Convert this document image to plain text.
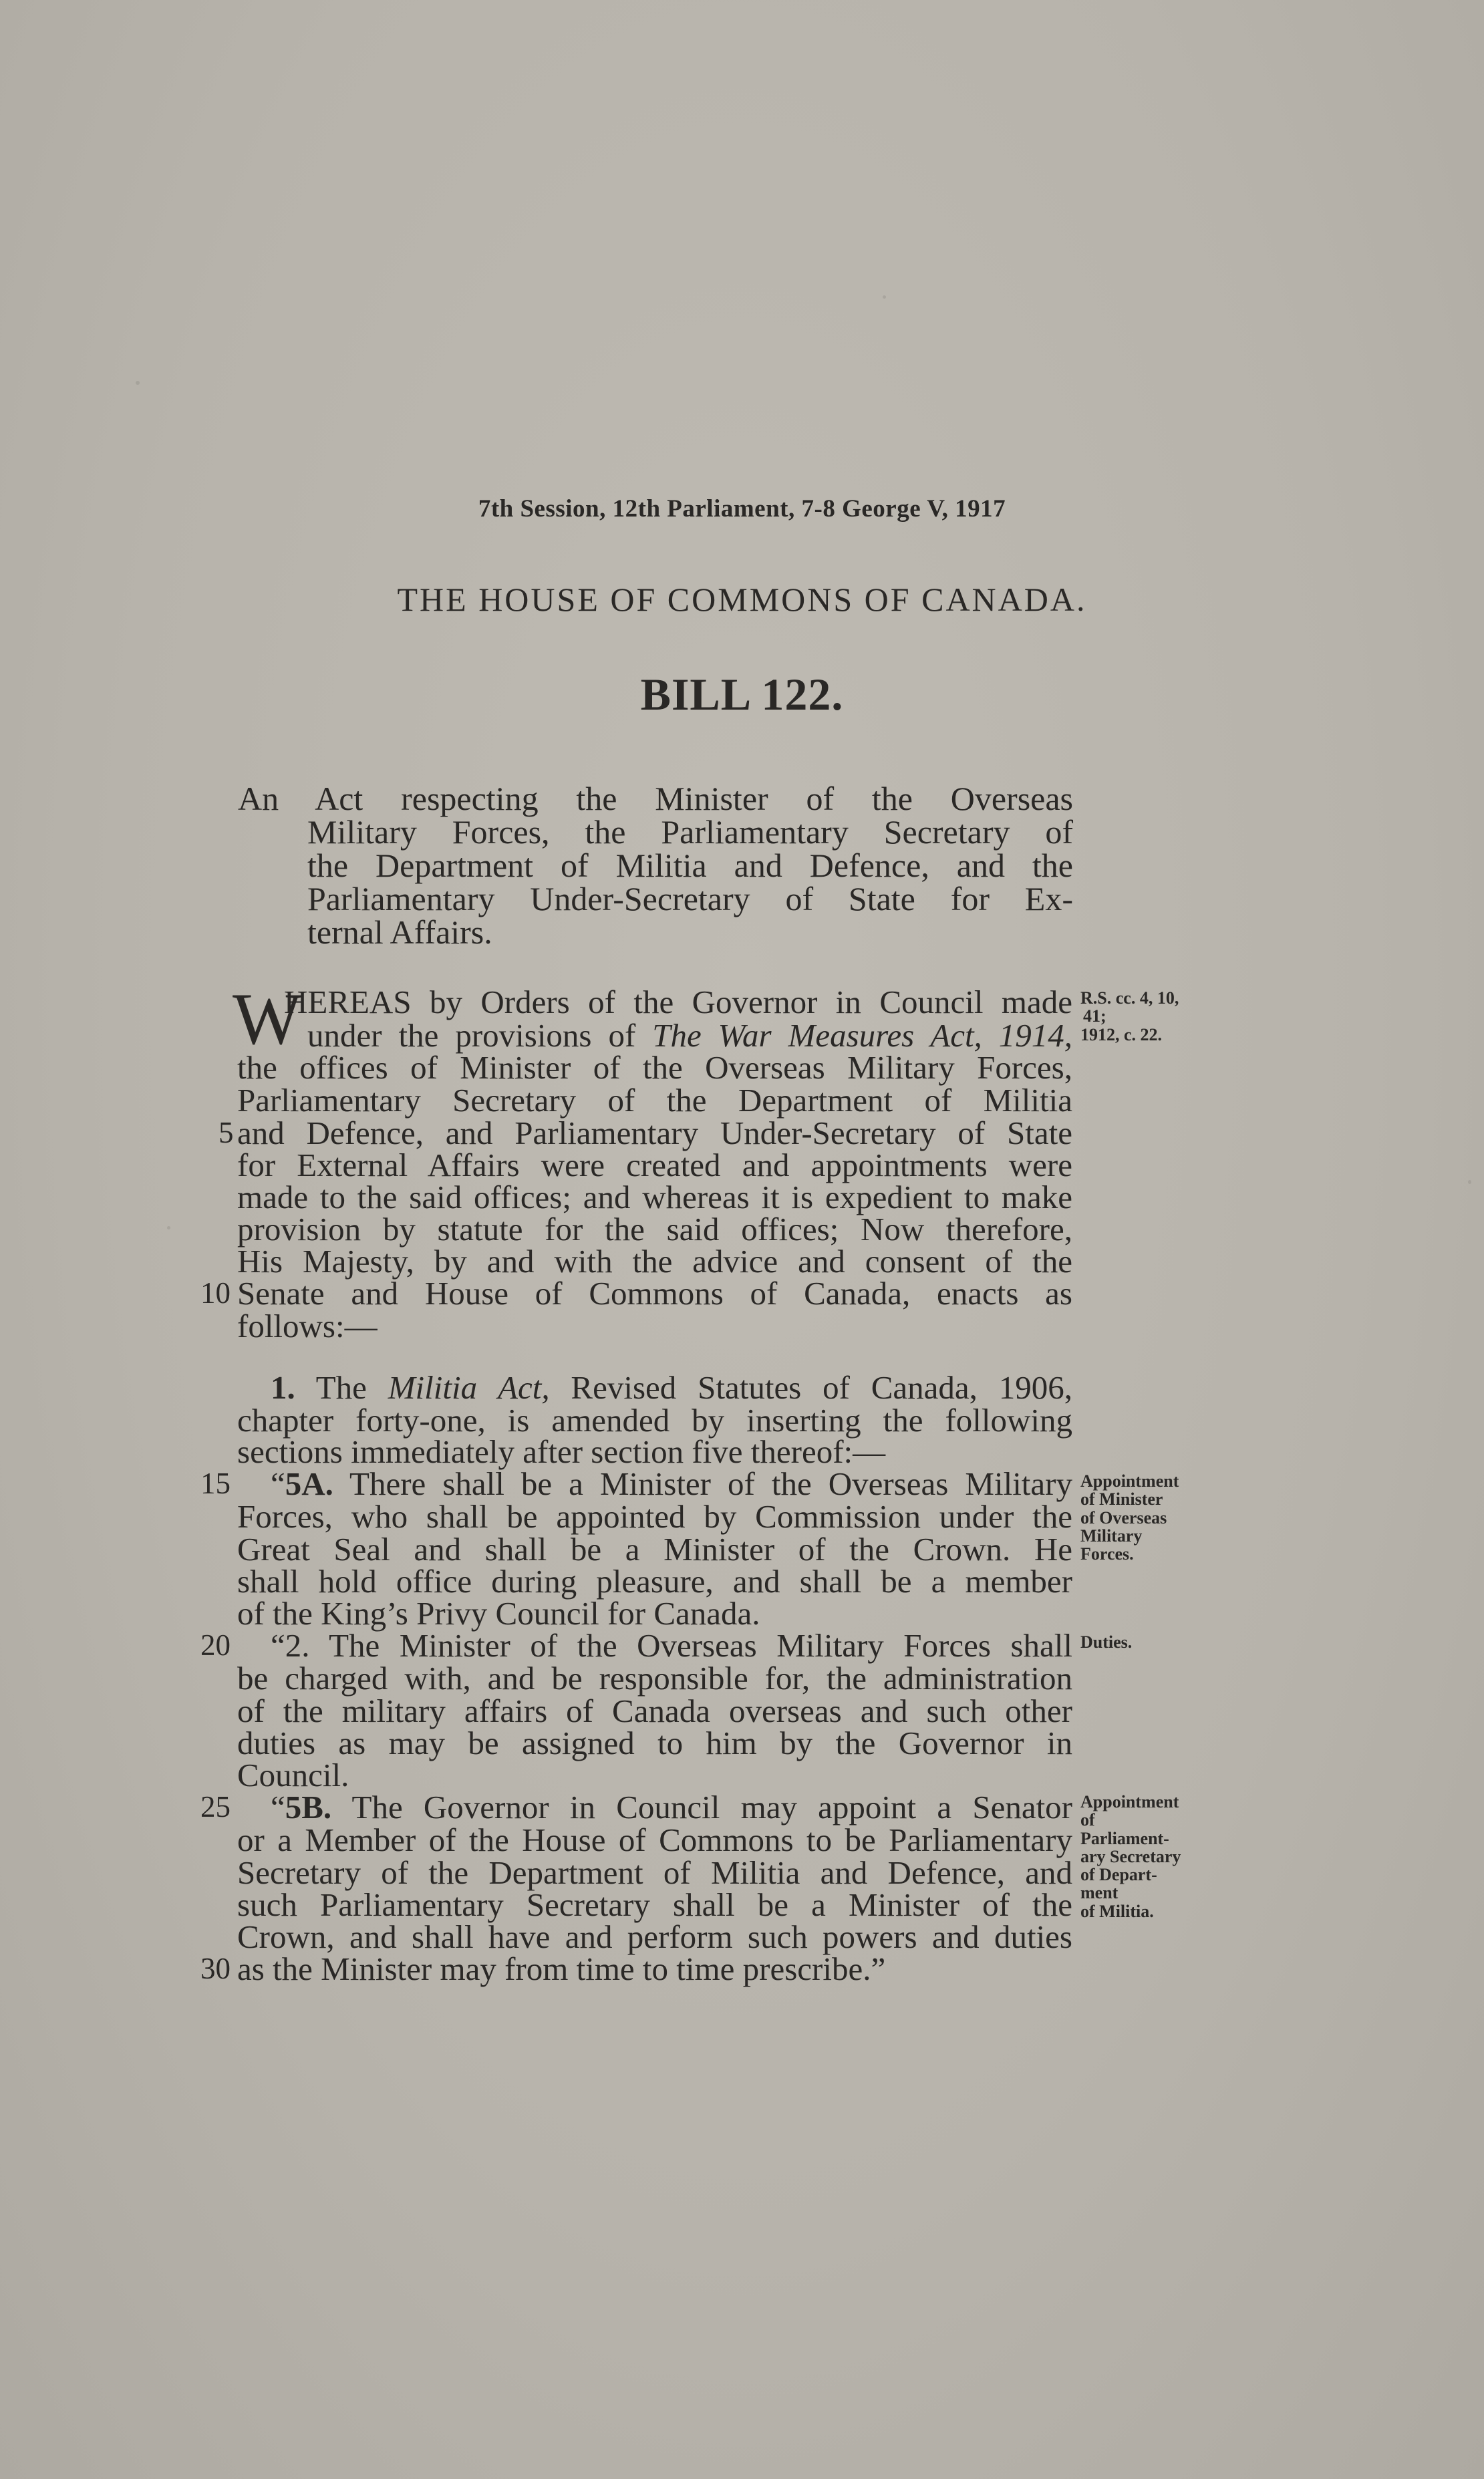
7th Session, 12th Parliament, 7-8 George V, 1917
THE HOUSE OF COMMONS OF CANADA.
BILL 122.
An Act respecting the Minister of the Overseas
Military Forces, the Parliamentary Secretary of
the Department of Militia and Defence, and the
Parliamentary Under-Secretary of State for Ex-
ternal Affairs.
W
HEREAS by Orders of the Governor in Council made
under the provisions of The War Measures Act, 1914,
the offices of Minister of the Overseas Military Forces,
Parliamentary Secretary of the Department of Militia
and Defence, and Parliamentary Under-Secretary of State
for External Affairs were created and appointments were
made to the said offices; and whereas it is expedient to make
provision by statute for the said offices; Now therefore,
His Majesty, by and with the advice and consent of the
Senate and House of Commons of Canada, enacts as
follows:—
1. The Militia Act, Revised Statutes of Canada, 1906,
chapter forty-one, is amended by inserting the following
sections immediately after section five thereof:—
“5A. There shall be a Minister of the Overseas Military
Forces, who shall be appointed by Commission under the
Great Seal and shall be a Minister of the Crown. He
shall hold office during pleasure, and shall be a member
of the King’s Privy Council for Canada.
“2. The Minister of the Overseas Military Forces shall
be charged with, and be responsible for, the administration
of the military affairs of Canada overseas and such other
duties as may be assigned to him by the Governor in
Council.
“5B. The Governor in Council may appoint a Senator
or a Member of the House of Commons to be Parliamentary
Secretary of the Department of Militia and Defence, and
such Parliamentary Secretary shall be a Minister of the
Crown, and shall have and perform such powers and duties
as the Minister may from time to time prescribe.”
5
10
15
20
25
30
R.S. cc. 4, 10,
41;
1912, c. 22.
Appointment
of Minister
of Overseas
Military
Forces.
Duties.
Appointment
of
Parliament-
ary Secretary
of Depart-
ment
of Militia.
